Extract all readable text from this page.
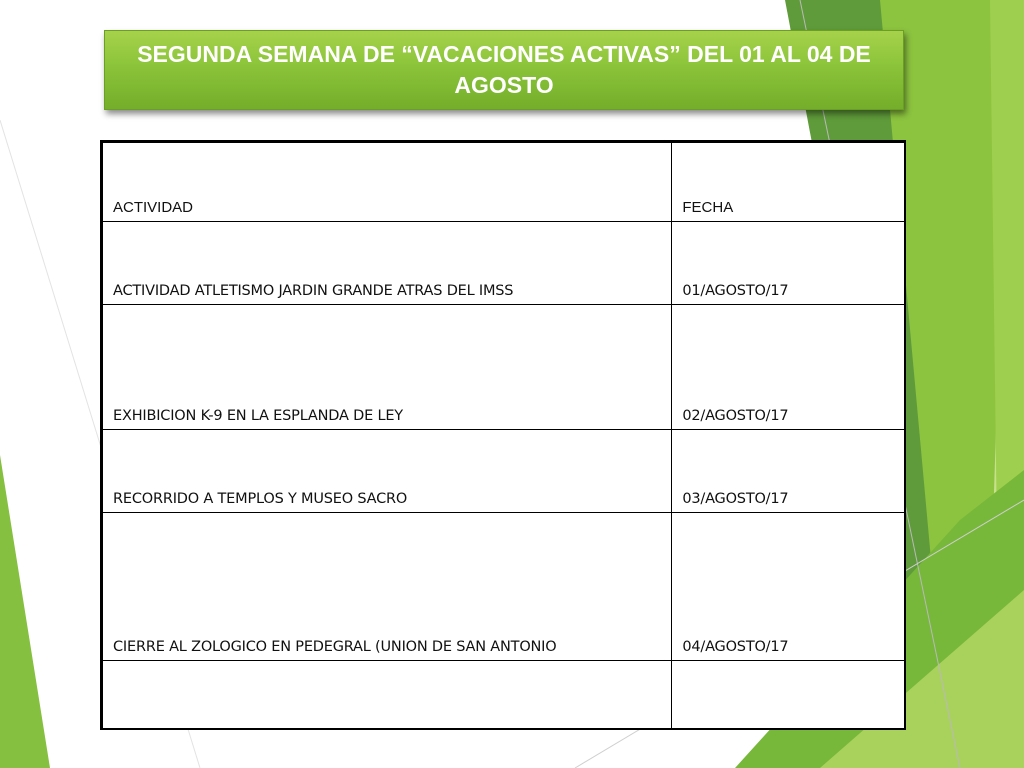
SEGUNDA SEMANA DE “VACACIONES ACTIVAS” DEL 01 AL 04 DE AGOSTO

ACTIVIDAD	FECHA
ACTIVIDAD ATLETISMO JARDIN GRANDE ATRAS DEL IMSS	01/AGOSTO/17
EXHIBICION K-9 EN LA ESPLANDA DE LEY	02/AGOSTO/17
RECORRIDO A TEMPLOS Y MUSEO SACRO	03/AGOSTO/17
CIERRE AL ZOLOGICO EN PEDEGRAL (UNION DE SAN ANTONIO	04/AGOSTO/17
